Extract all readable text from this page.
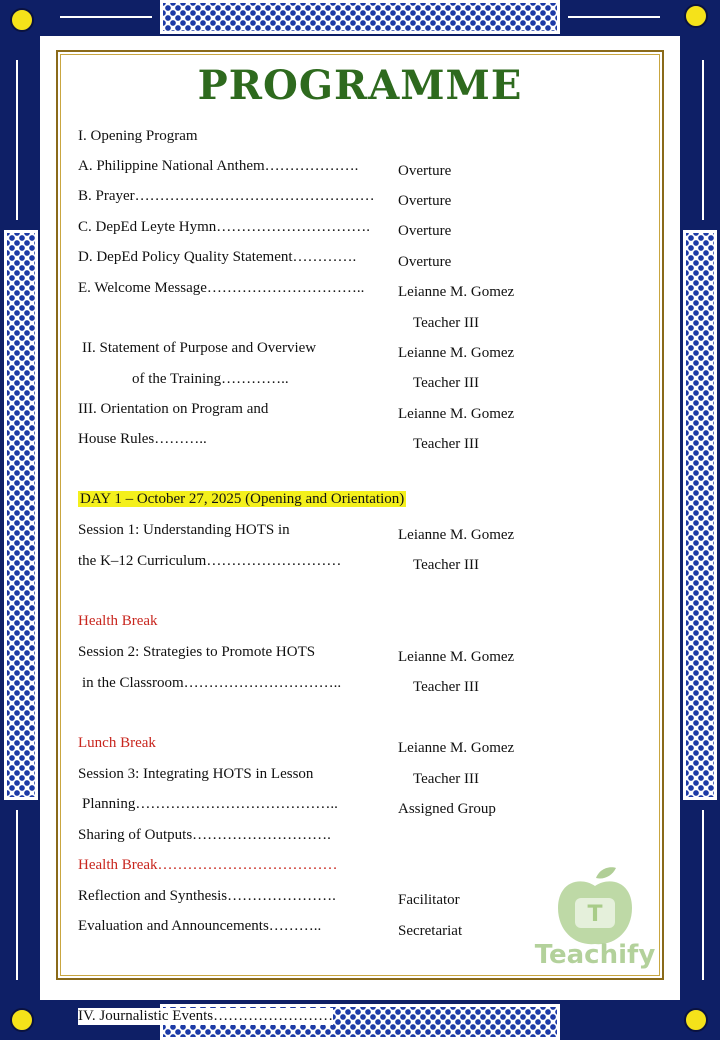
PROGRAMME
I. Opening Program
A. Philippine National Anthem……………….	Overture
B. Prayer………………………………………… Overture
C. DepEd Leyte Hymn…………………………. Overture
D. DepEd Policy Quality Statement………….	Overture
E. Welcome Message………………………….. Leianne M. Gomez
Teacher III
II. Statement of Purpose and Overview	Leianne M. Gomez
of the Training…………..	Teacher III
III. Orientation on Program and	Leianne M. Gomez
House Rules………..	Teacher III
DAY 1 – October 27, 2025 (Opening and Orientation)
Session 1: Understanding HOTS in	Leianne M. Gomez
the K–12 Curriculum………………………	Teacher III
Health Break
Session 2: Strategies to Promote HOTS	Leianne M. Gomez
in the Classroom…………………………..	Teacher III
Lunch Break	Leianne M. Gomez
Session 3: Integrating HOTS in Lesson	Teacher III
Planning…………………………………..	Assigned Group
Sharing of Outputs……………………….
Health Break………………………………
Reflection and Synthesis………………….	Facilitator
Evaluation and Announcements………..	Secretariat
T
Teachify
IV. Journalistic Events……………………
